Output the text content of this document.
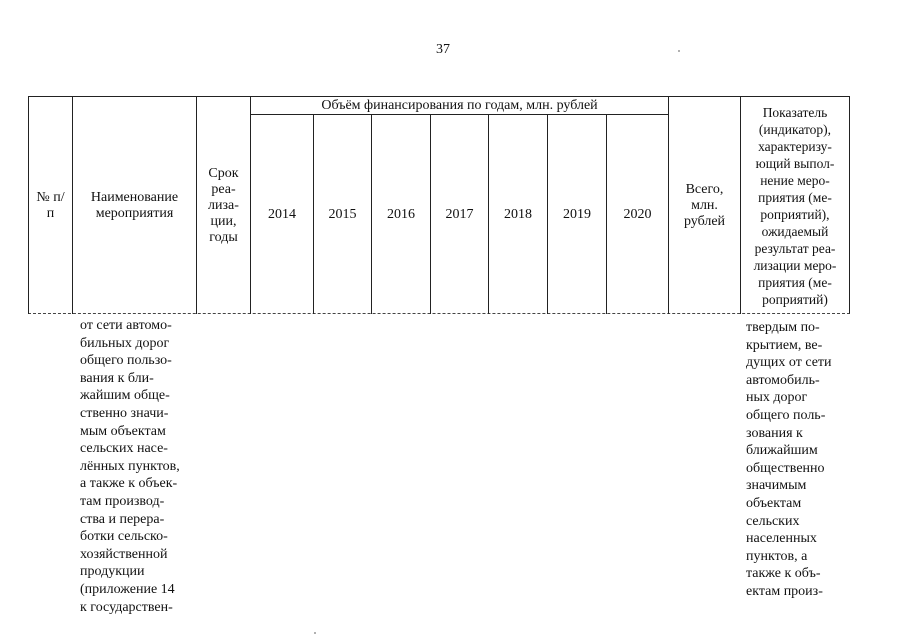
37
№ п/п
Наименование мероприятия
Срок реа-лиза-ции, годы
Объём финансирования по годам, млн. рублей
2014 2015 2016 2017 2018 2019 2020
Всего, млн. рублей
Показатель (индикатор), характеризу-ющий выпол-нение меро-приятия (ме-роприятий), ожидаемый результат реа-лизации меро-приятия (ме-роприятий)
от сети автомо-
бильных дорог
общего пользо-
вания к бли-
жайшим обще-
ственно значи-
мым объектам
сельских насе-
лённых пунктов,
а также к объек-
там производ-
ства и перера-
ботки сельско-
хозяйственной
продукции
(приложение 14
к государствен-
твердым по-
крытием, ве-
дущих от сети
автомобиль-
ных дорог
общего поль-
зования к
ближайшим
общественно
значимым
объектам
сельских
населенных
пунктов, а
также к объ-
ектам произ-
